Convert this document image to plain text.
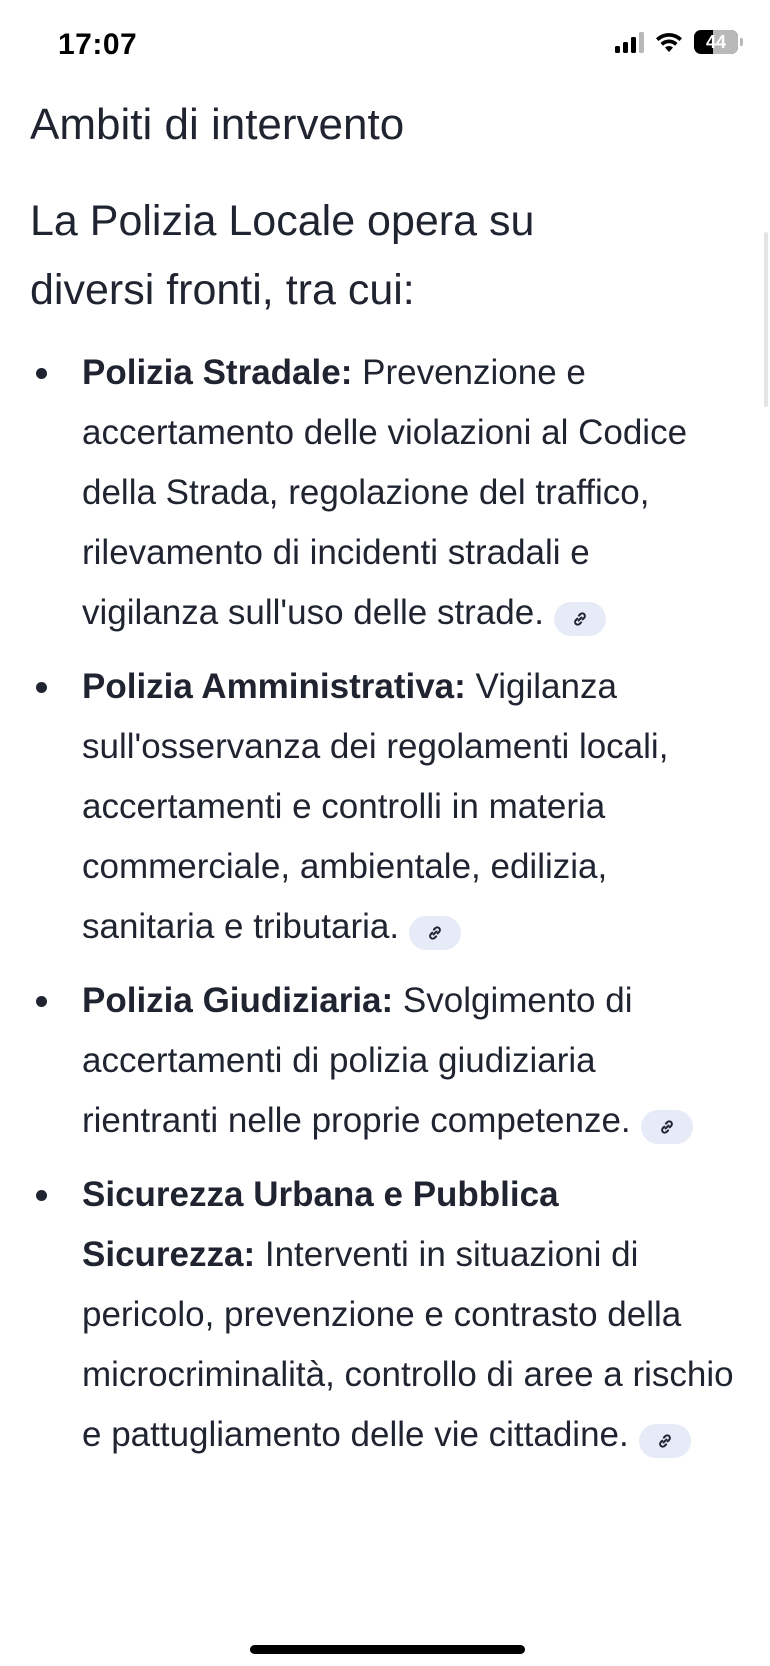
17:07	44
Ambiti di intervento
La Polizia Locale opera su diversi fronti, tra cui:
Polizia Stradale: Prevenzione e accertamento delle violazioni al Codice della Strada, regolazione del traffico, rilevamento di incidenti stradali e vigilanza sull'uso delle strade.
Polizia Amministrativa: Vigilanza sull'osservanza dei regolamenti locali, accertamenti e controlli in materia commerciale, ambientale, edilizia, sanitaria e tributaria.
Polizia Giudiziaria: Svolgimento di accertamenti di polizia giudiziaria rientranti nelle proprie competenze.
Sicurezza Urbana e Pubblica Sicurezza: Interventi in situazioni di pericolo, prevenzione e contrasto della microcriminalità, controllo di aree a rischio e pattugliamento delle vie cittadine.
